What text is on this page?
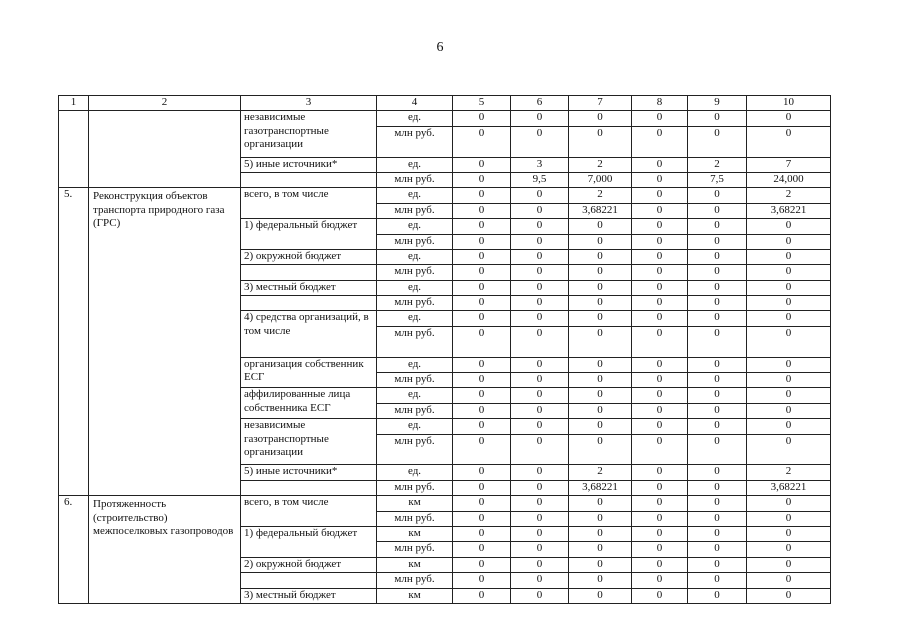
6
1	2	3	4	5	6	7	8	9	10
		независимые газотранспортные организации	ед.	0	0	0	0	0	0
			млн руб.	0	0	0	0	0	0

		5) иные источники*	ед.	0	3	2	0	2	7
			млн руб.	0	9,5	7,000	0	7,5	24,000
5.	Реконструкция объектов транспорта природного газа (ГРС)	всего, в том числе	ед.	0	0	2	0	0	2
			млн руб.	0	0	3,68221	0	0	3,68221
		1) федеральный бюджет	ед.	0	0	0	0	0	0
			млн руб.	0	0	0	0	0	0
		2) окружной бюджет	ед.	0	0	0	0	0	0
			млн руб.	0	0	0	0	0	0
		3) местный бюджет	ед.	0	0	0	0	0	0
			млн руб.	0	0	0	0	0	0
		4) средства организаций, в том числе	ед.	0	0	0	0	0	0
			млн руб.	0	0	0	0	0	0

		организация собственник ЕСГ	ед.	0	0	0	0	0	0
			млн руб.	0	0	0	0	0	0
		аффилированные лица собственника ЕСГ	ед.	0	0	0	0	0	0
			млн руб.	0	0	0	0	0	0
		независимые газотранспортные организации	ед.	0	0	0	0	0	0
			млн руб.	0	0	0	0	0	0

		5) иные источники*	ед.	0	0	2	0	0	2
			млн руб.	0	0	3,68221	0	0	3,68221
6.	Протяженность (строительство) межпоселковых газопроводов	всего, в том числе	км	0	0	0	0	0	0
			млн руб.	0	0	0	0	0	0
		1) федеральный бюджет	км	0	0	0	0	0	0
			млн руб.	0	0	0	0	0	0
		2) окружной бюджет	км	0	0	0	0	0	0
			млн руб.	0	0	0	0	0	0
		3) местный бюджет	км	0	0	0	0	0	0
